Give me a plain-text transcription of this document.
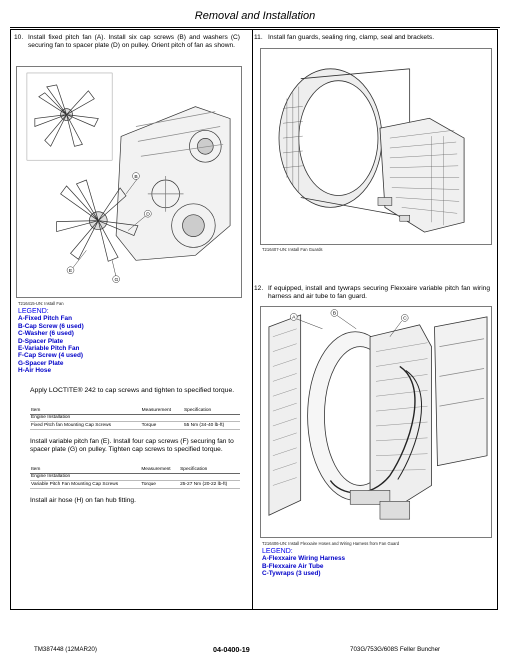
Removal and Installation
10. Install fixed pitch fan (A). Install six cap screws (B) and washers (C) securing fan to spacer plate (D) on pulley. Orient pitch of fan as shown.
B
D
E
G
T216415-UN: Install Fan
LEGEND:
A-Fixed Pitch Fan
B-Cap Screw (6 used)
C-Washer (6 used)
D-Spacer Plate
E-Variable Pitch Fan
F-Cap Screw (4 used)
G-Spacer Plate
H-Air Hose
Apply LOCTITE® 242 to cap screws and tighten to specified torque.
Item	Measurement	Specification
Engine Installation		
Fixed Pitch fan Mounting Cap Screws	Torque	55 Nm (34-40 lb-ft)
Install variable pitch fan (E). Install four cap screws (F) securing fan to spacer plate (G) on pulley. Tighten cap screws to specified torque.
Item	Measurement	Specification
Engine Installation		
Variable Pitch Fan Mounting Cap Screws	Torque	25-27 Nm (20-22 lb-ft)
Install air hose (H) on fan hub fitting.
11. Install fan guards, sealing ring, clamp, seal and brackets.
T216407-UN: Install Fan Guards
12. If equipped, install and tywraps securing Flexxaire variable pitch fan wiring harness and air tube to fan guard.
A
B
C
T216406-UN: Install Flexxaire Hoses and Wiring Harness from Fan Guard
LEGEND:
A-Flexxaire Wiring Harness
B-Flexxaire Air Tube
C-Tywraps (3 used)
TM387448 (12MAR20)	04-0400-19	703G/753G/608S Feller Buncher
